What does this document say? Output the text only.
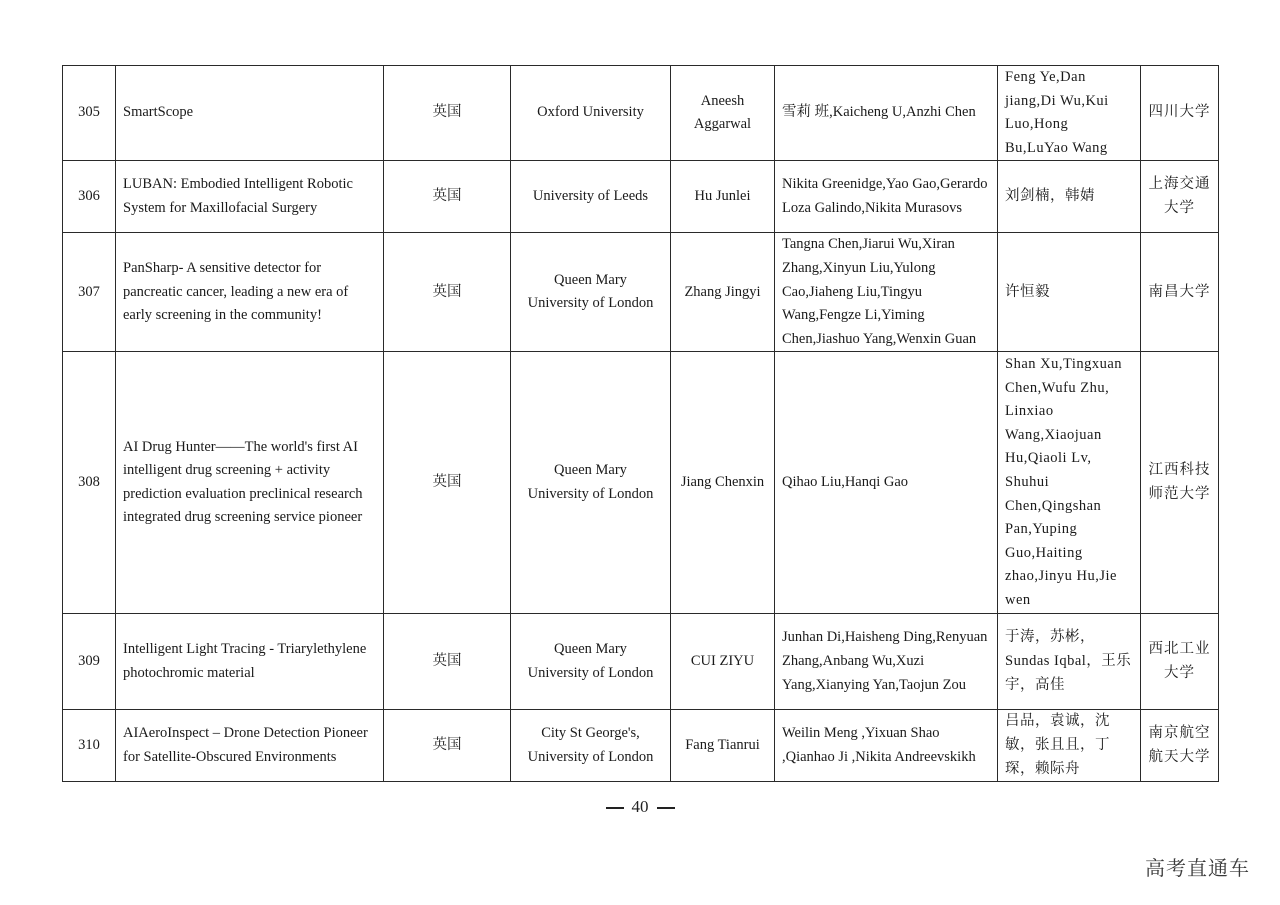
305	SmartScope	英国	Oxford University	Aneesh Aggarwal	雪莉 班,Kaicheng U,Anzhi Chen	Feng Ye,Dan jiang,Di Wu,Kui Luo,Hong Bu,LuYao Wang	四川大学
306	LUBAN: Embodied Intelligent Robotic System for Maxillofacial Surgery	英国	University of Leeds	Hu Junlei	Nikita Greenidge,Yao Gao,Gerardo Loza Galindo,Nikita Murasovs	刘剑楠，韩婧	上海交通大学
307	PanSharp- A sensitive detector for pancreatic cancer, leading a new era of early screening in the community!	英国	Queen Mary University of London	Zhang Jingyi	Tangna Chen,Jiarui Wu,Xiran Zhang,Xinyun Liu,Yulong Cao,Jiaheng Liu,Tingyu Wang,Fengze Li,Yiming Chen,Jiashuo Yang,Wenxin Guan	许恒毅	南昌大学
308	AI Drug Hunter——The world's first AI intelligent drug screening + activity prediction evaluation preclinical research integrated drug screening service pioneer	英国	Queen Mary University of London	Jiang Chenxin	Qihao Liu,Hanqi Gao	Shan Xu,Tingxuan Chen,Wufu Zhu, Linxiao Wang,Xiaojuan Hu,Qiaoli Lv, Shuhui Chen,Qingshan Pan,Yuping Guo,Haiting zhao,Jinyu Hu,Jie wen	江西科技师范大学
309	Intelligent Light Tracing - Triarylethylene photochromic material	英国	Queen Mary University of London	CUI ZIYU	Junhan Di,Haisheng Ding,Renyuan Zhang,Anbang Wu,Xuzi Yang,Xianying Yan,Taojun Zou	于涛，苏彬，Sundas Iqbal，王乐宇，高佳	西北工业大学
310	AIAeroInspect – Drone Detection Pioneer for Satellite-Obscured Environments	英国	City St George's, University of London	Fang Tianrui	Weilin Meng ,Yixuan Shao ,Qianhao Ji ,Nikita Andreevskikh	吕品，袁诚，沈敏，张且且，丁琛，赖际舟	南京航空航天大学
40
高考直通车
